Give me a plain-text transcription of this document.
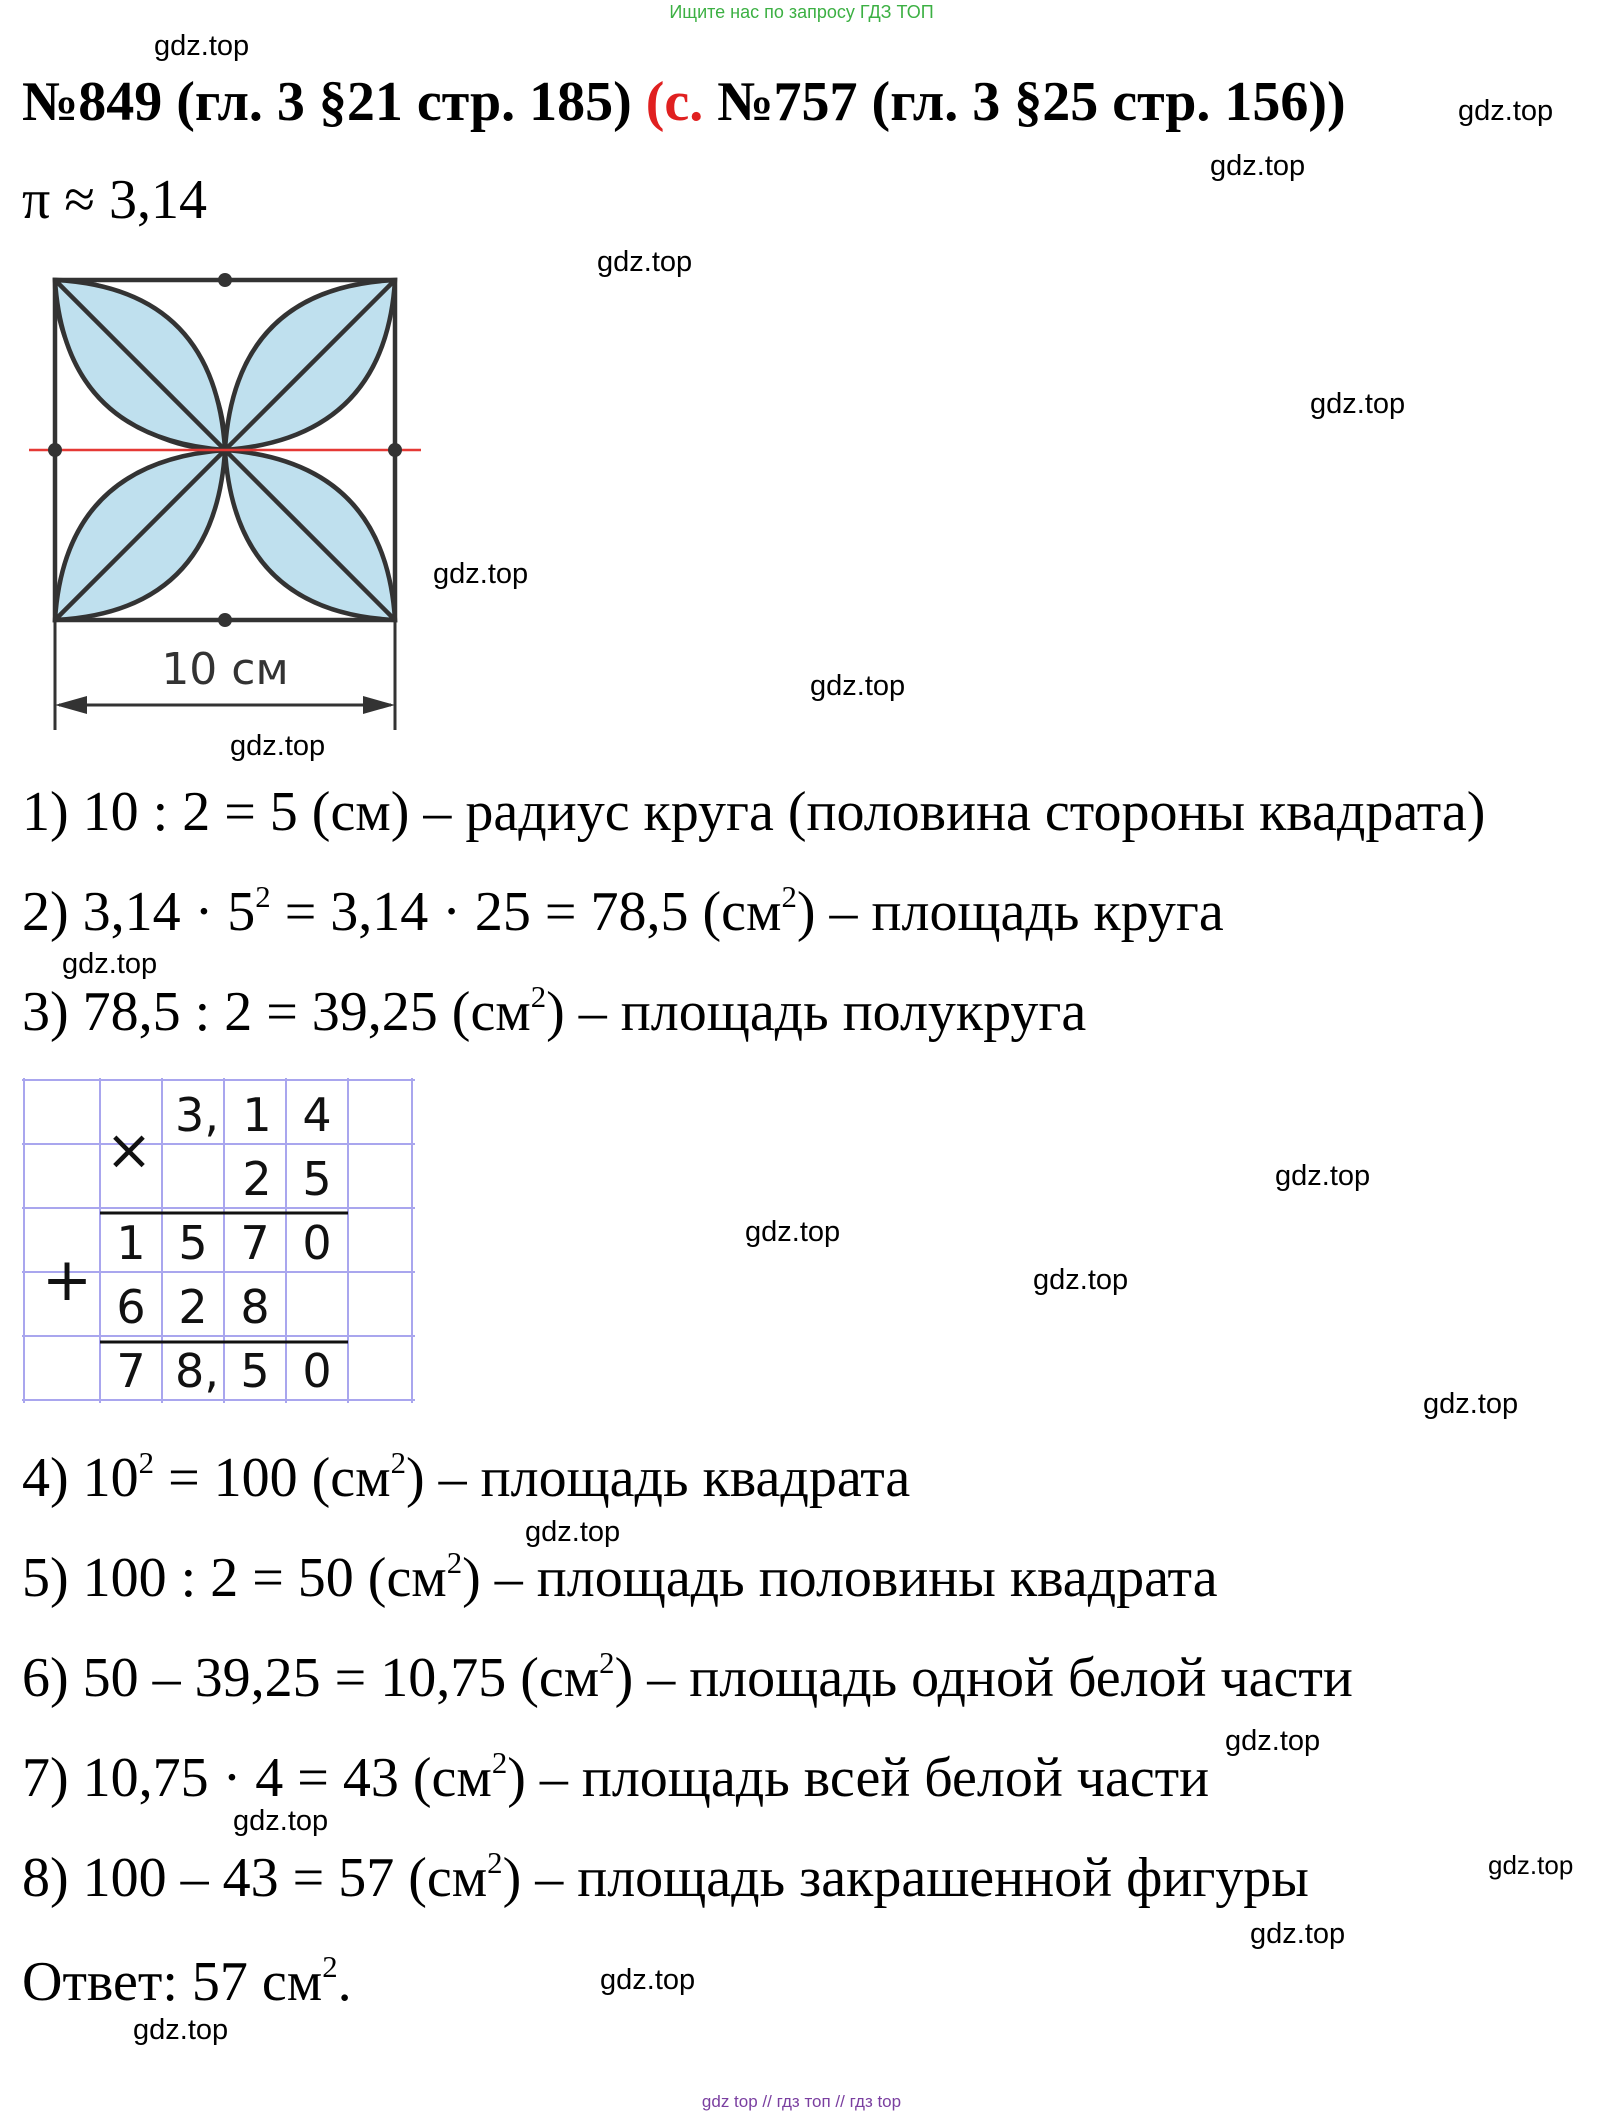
Ищите нас по запросу ГДЗ ТОП
№849 (гл. 3 §21 стр. 185) (с. №757 (гл. 3 §25 стр. 156))
π ≈ 3,14
10 см
1) 10 : 2 = 5 (см) – радиус круга (половина стороны квадрата)
2) $3,14 \cdot 5^2 = 3,14 \cdot 25 = 78,5$ $(см^2)$ – площадь круга
3) 78,5 : 2 = 39,25 $(см^2)$ – площадь полукруга
×
+
3, 1 4
2 5
1 5 7 0
6 2 8
7 8, 5 0
4) $10^2 = 100$ $(см^2)$ – площадь квадрата
5) 100 : 2 = 50 $(см^2)$ – площадь половины квадрата
6) 50 – 39,25 = 10,75 $(см^2)$ – площадь одной белой части
7) 10,75 · 4 = 43 $(см^2)$ – площадь всей белой части
8) 100 – 43 = 57 $(см^2)$ – площадь закрашенной фигуры
Ответ: 57 $см^2$.
gdz.top
gdz.top
gdz.top
gdz.top
gdz.top
gdz.top
gdz.top
gdz.top
gdz.top
gdz.top
gdz.top
gdz.top
gdz.top
gdz.top
gdz.top
gdz.top
gdz.top
gdz.top
gdz.top
gdz.top
gdz top // гдз топ // гдз top
